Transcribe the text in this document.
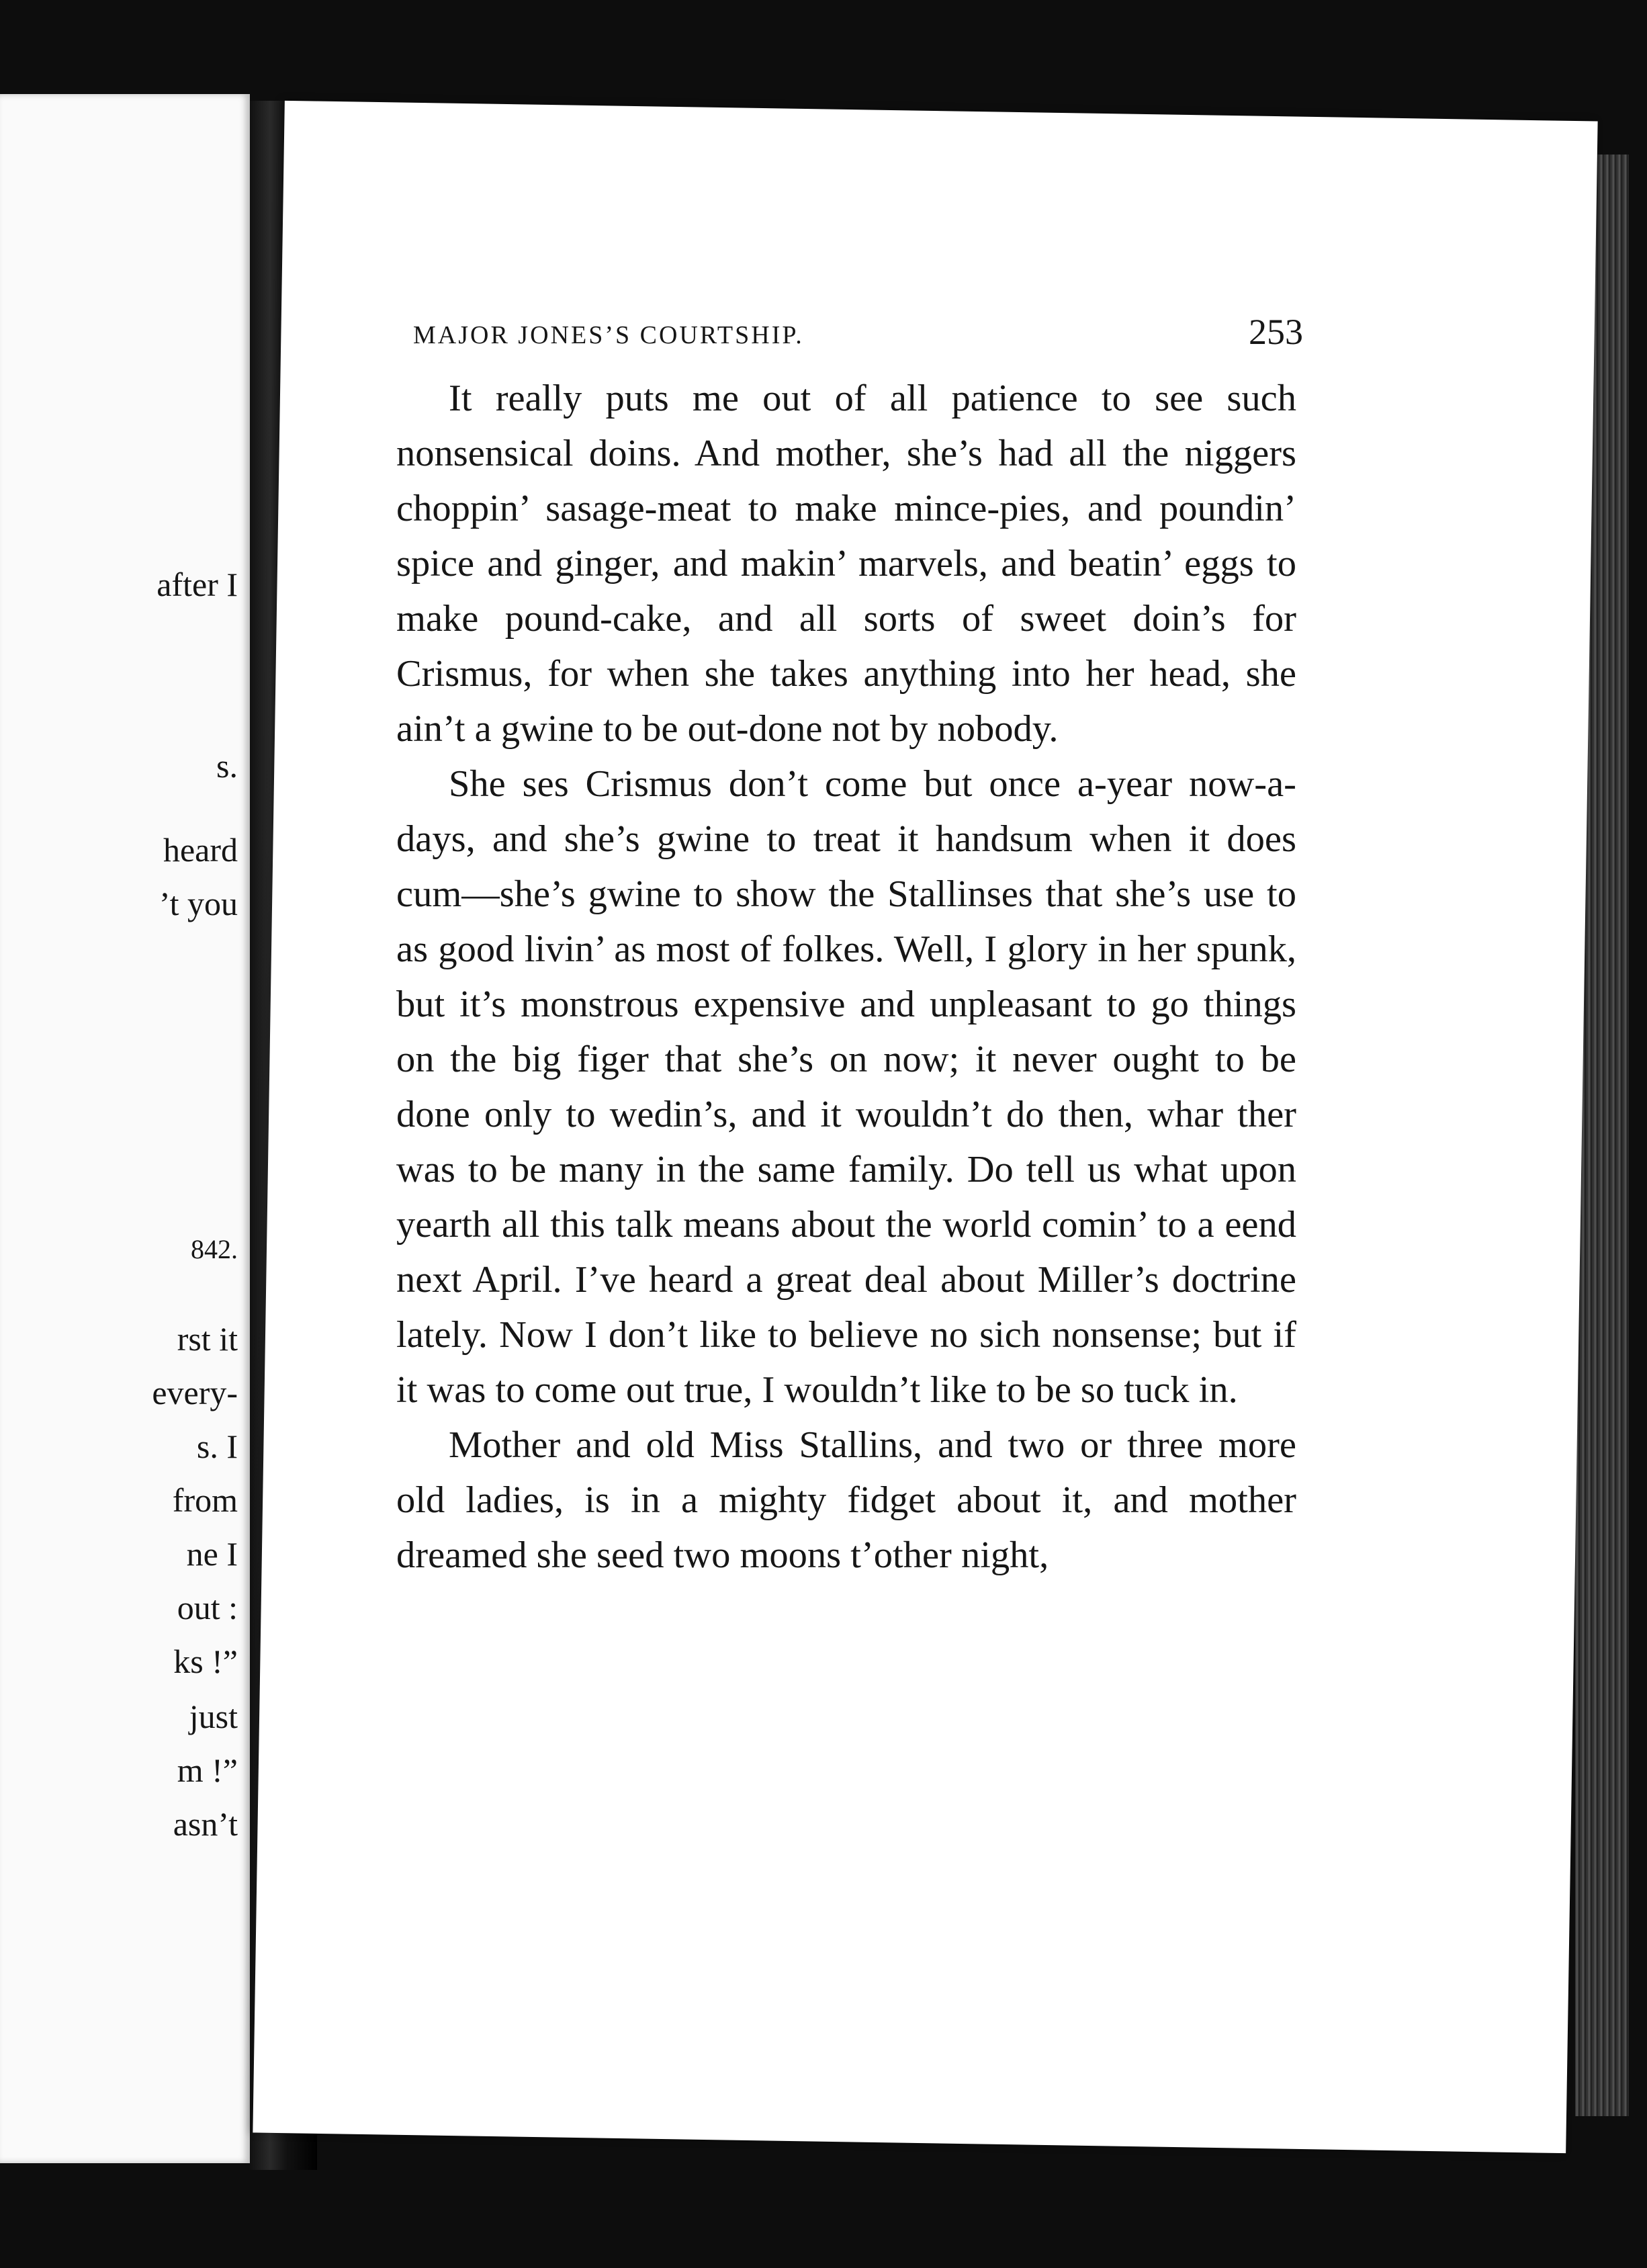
after I
s.
heard
’t you
842.
rst it
every-
s. I
from
ne I
out :
ks !”
just
m !”
asn’t
MAJOR JONES’S COURTSHIP.	253

It really puts me out of all patience to see such nonsensical doins. And mother, she’s had all the niggers choppin’ sasage-meat to make mince-pies, and poundin’ spice and ginger, and makin’ marvels, and beatin’ eggs to make pound-cake, and all sorts of sweet doin’s for Crismus, for when she takes anything into her head, she ain’t a gwine to be out-done not by nobody.

She ses Crismus don’t come but once a-year now-a-days, and she’s gwine to treat it handsum when it does cum—she’s gwine to show the Stallinses that she’s use to as good livin’ as most of folkes. Well, I glory in her spunk, but it’s monstrous expensive and unpleasant to go things on the big figer that she’s on now; it never ought to be done only to wedin’s, and it wouldn’t do then, whar ther was to be many in the same family. Do tell us what upon yearth all this talk means about the world comin’ to a eend next April. I’ve heard a great deal about Miller’s doctrine lately. Now I don’t like to believe no sich nonsense; but if it was to come out true, I wouldn’t like to be so tuck in.

Mother and old Miss Stallins, and two or three more old ladies, is in a mighty fidget about it, and mother dreamed she seed two moons t’other night,
